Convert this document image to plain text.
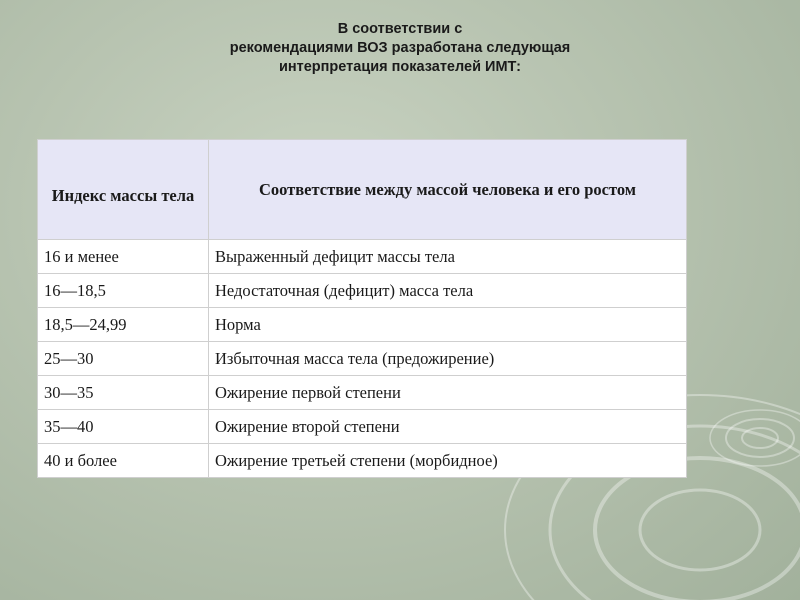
В соответствии с
рекомендациями ВОЗ разработана следующая
интерпретация показателей ИМТ:
Индекс массы тела	Соответствие между массой человека и его ростом
16 и менее	Выраженный дефицит массы тела
16—18,5	Недостаточная (дефицит) масса тела
18,5—24,99	Норма
25—30	Избыточная масса тела (предожирение)
30—35	Ожирение первой степени
35—40	Ожирение второй степени
40 и более	Ожирение третьей степени (морбидное)
